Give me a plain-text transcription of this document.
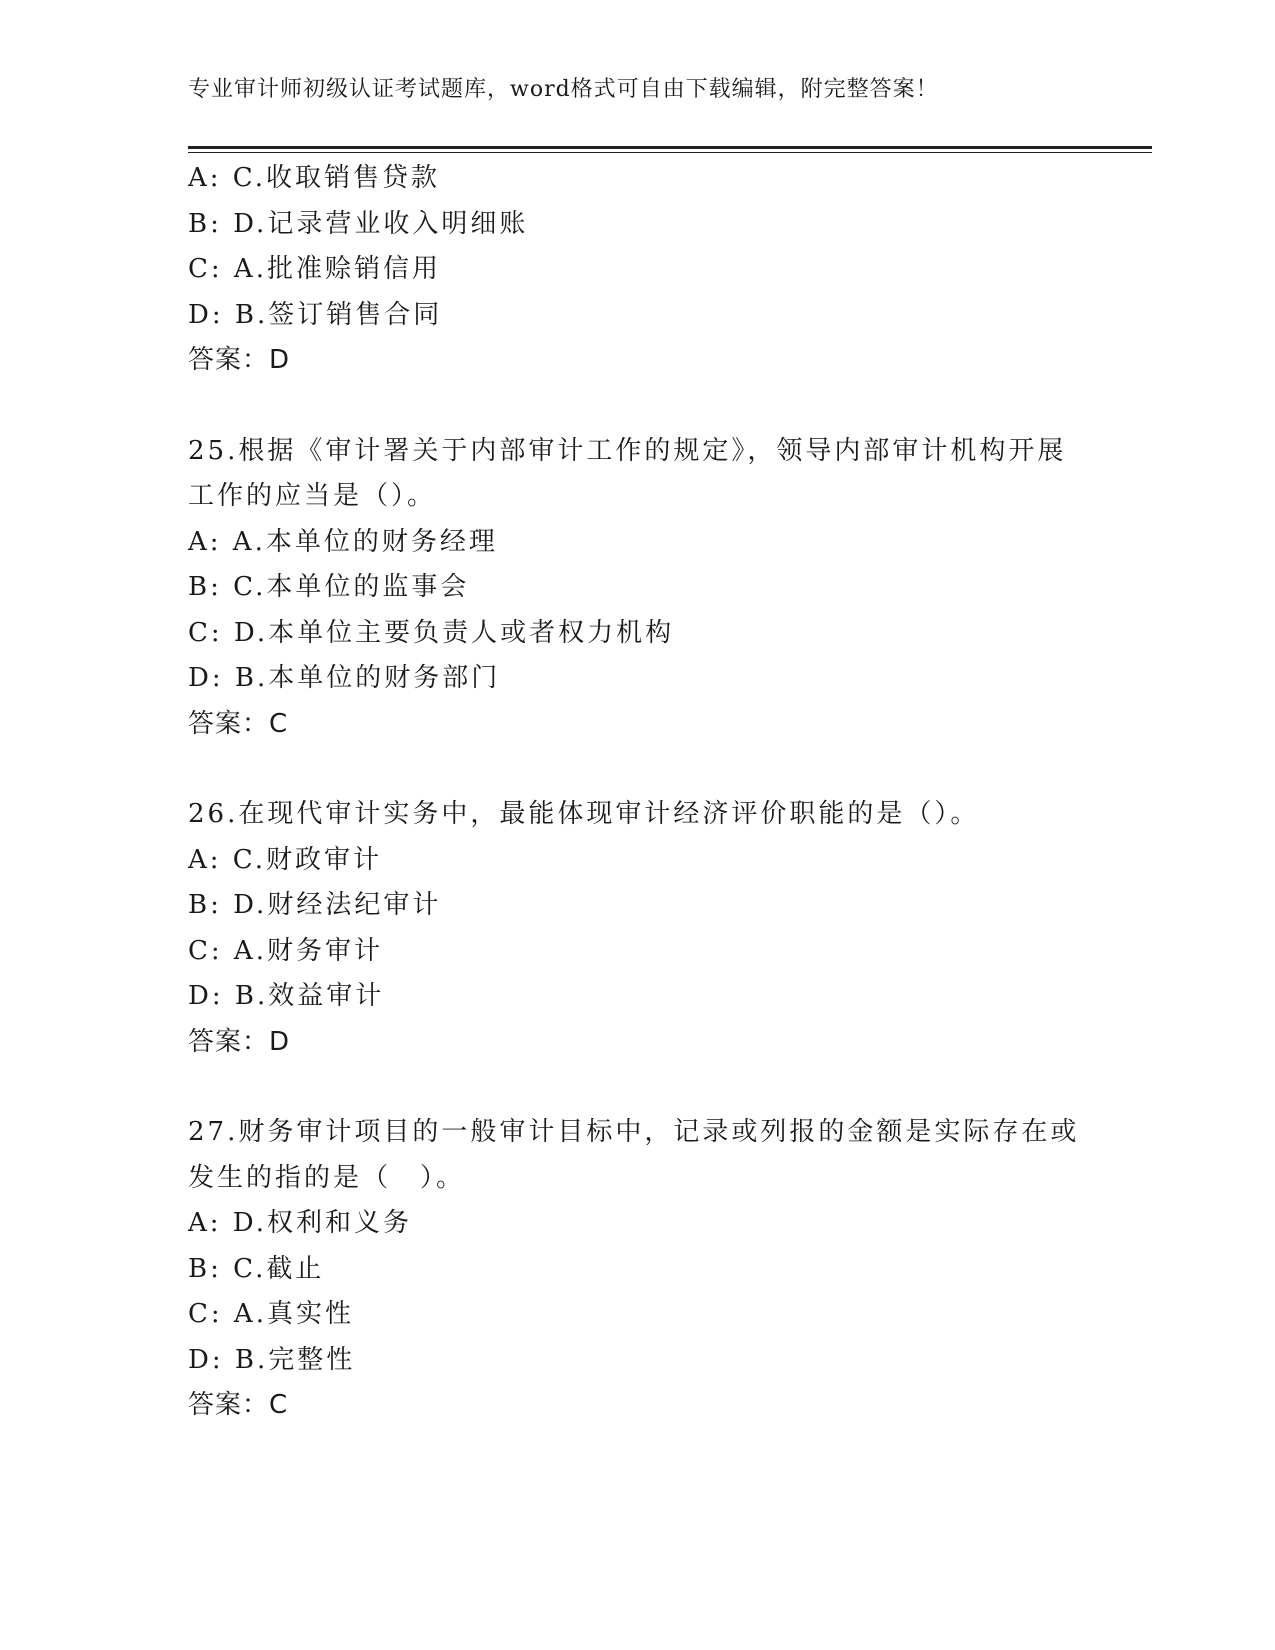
专业审计师初级认证考试题库，word格式可自由下载编辑，附完整答案！
A: C.收取销售贷款
B: D.记录营业收入明细账
C: A.批准赊销信用
D: B.签订销售合同
答案：D
25.根据《审计署关于内部审计工作的规定》，领导内部审计机构开展
工作的应当是（）。
A: A.本单位的财务经理
B: C.本单位的监事会
C: D.本单位主要负责人或者权力机构
D: B.本单位的财务部门
答案：C
26.在现代审计实务中，最能体现审计经济评价职能的是（）。
A: C.财政审计
B: D.财经法纪审计
C: A.财务审计
D: B.效益审计
答案：D
27.财务审计项目的一般审计目标中，记录或列报的金额是实际存在或
发生的指的是（　）。
A: D.权利和义务
B: C.截止
C: A.真实性
D: B.完整性
答案：C
